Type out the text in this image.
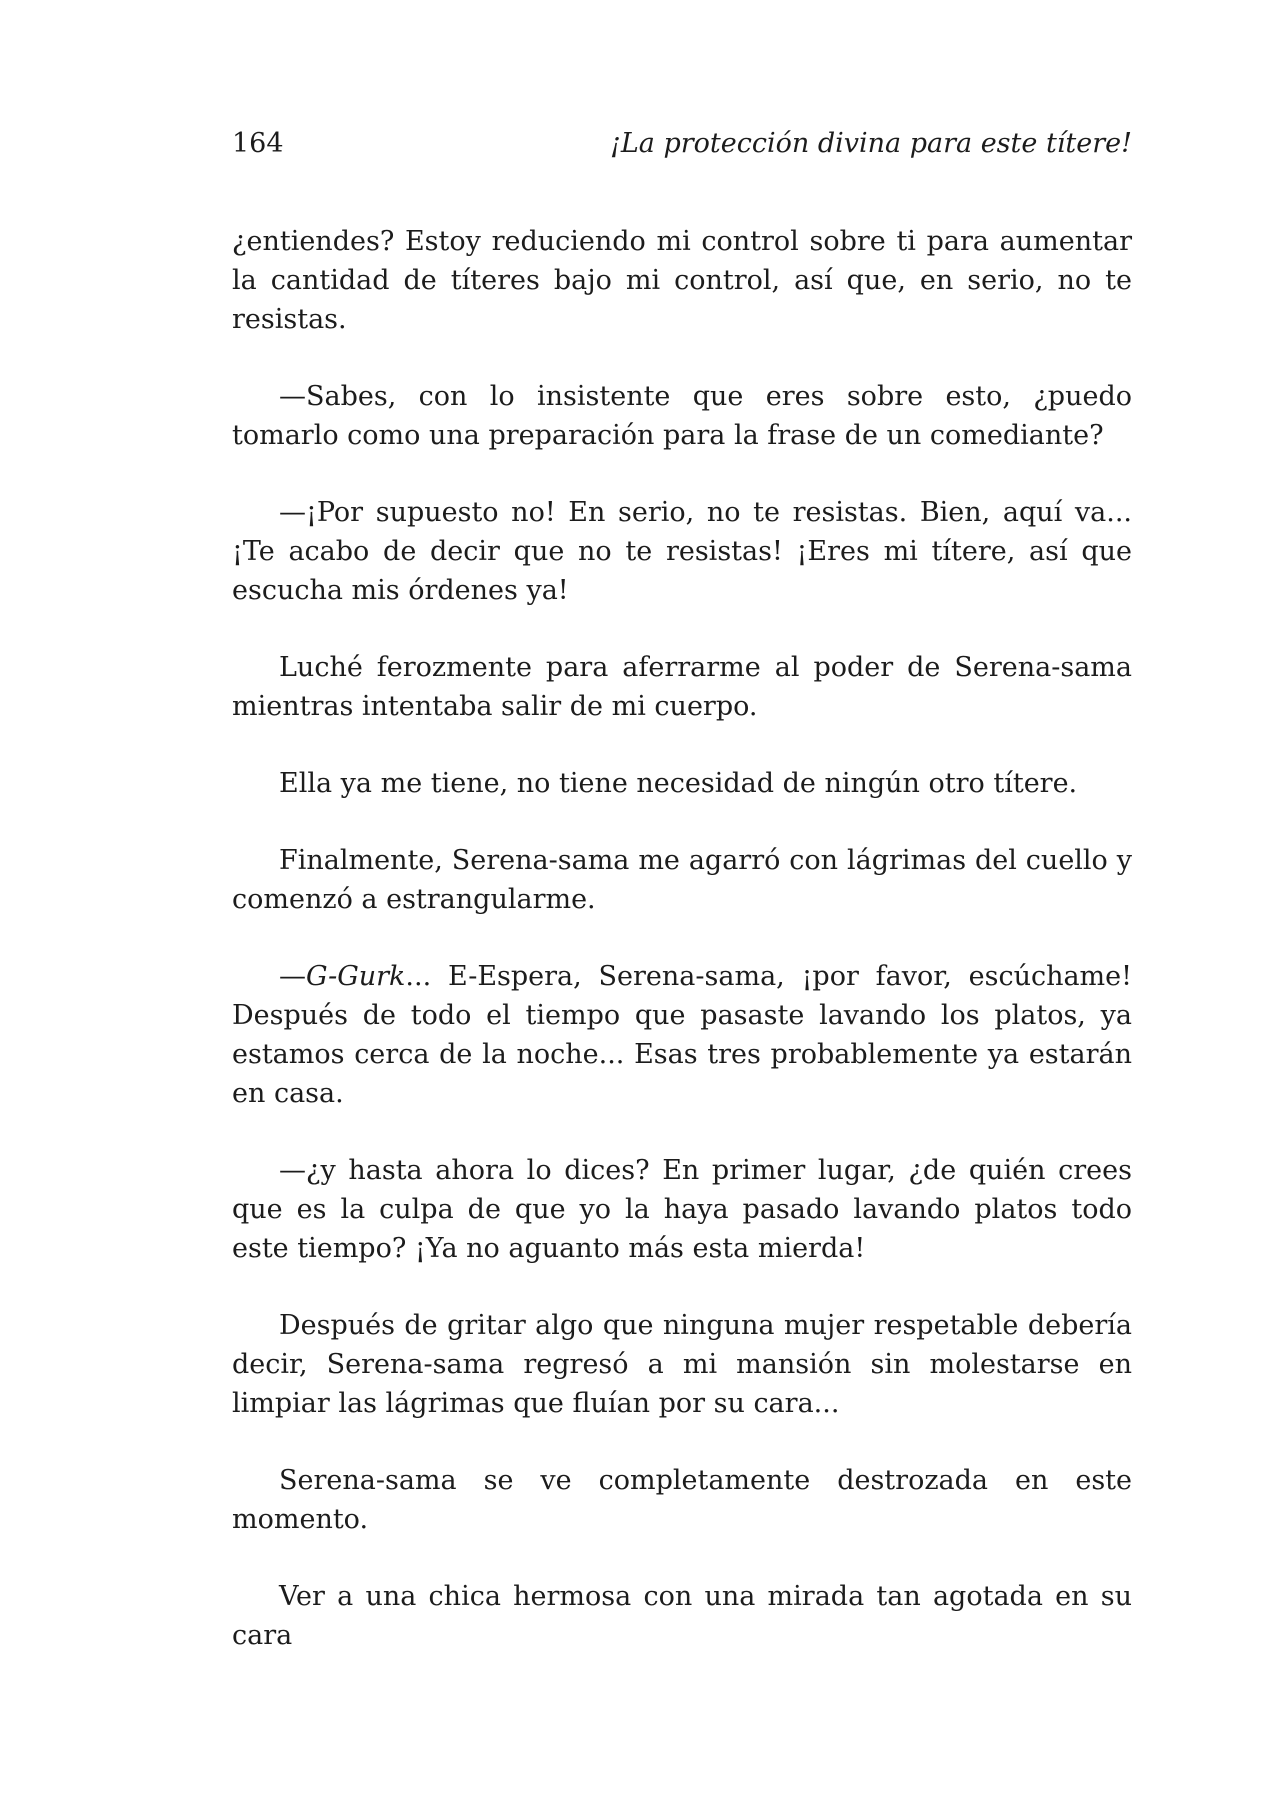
164	¡La protección divina para este títere!

¿entiendes? Estoy reduciendo mi control sobre ti para aumentar la cantidad de títeres bajo mi control, así que, en serio, no te resistas.

—Sabes, con lo insistente que eres sobre esto, ¿puedo tomarlo como una preparación para la frase de un comediante?

—¡Por supuesto no! En serio, no te resistas. Bien, aquí va... ¡Te acabo de decir que no te resistas! ¡Eres mi títere, así que escucha mis órdenes ya!

Luché ferozmente para aferrarme al poder de Serena-sama mientras intentaba salir de mi cuerpo.

Ella ya me tiene, no tiene necesidad de ningún otro títere.

Finalmente, Serena-sama me agarró con lágrimas del cuello y comenzó a estrangularme.

—G-Gurk... E-Espera, Serena-sama, ¡por favor, escúchame! Después de todo el tiempo que pasaste lavando los platos, ya estamos cerca de la noche... Esas tres probablemente ya estarán en casa.

—¿y hasta ahora lo dices? En primer lugar, ¿de quién crees que es la culpa de que yo la haya pasado lavando platos todo este tiempo? ¡Ya no aguanto más esta mierda!

Después de gritar algo que ninguna mujer respetable debería decir, Serena-sama regresó a mi mansión sin molestarse en limpiar las lágrimas que fluían por su cara...

Serena-sama se ve completamente destrozada en este momento.

Ver a una chica hermosa con una mirada tan agotada en su cara
